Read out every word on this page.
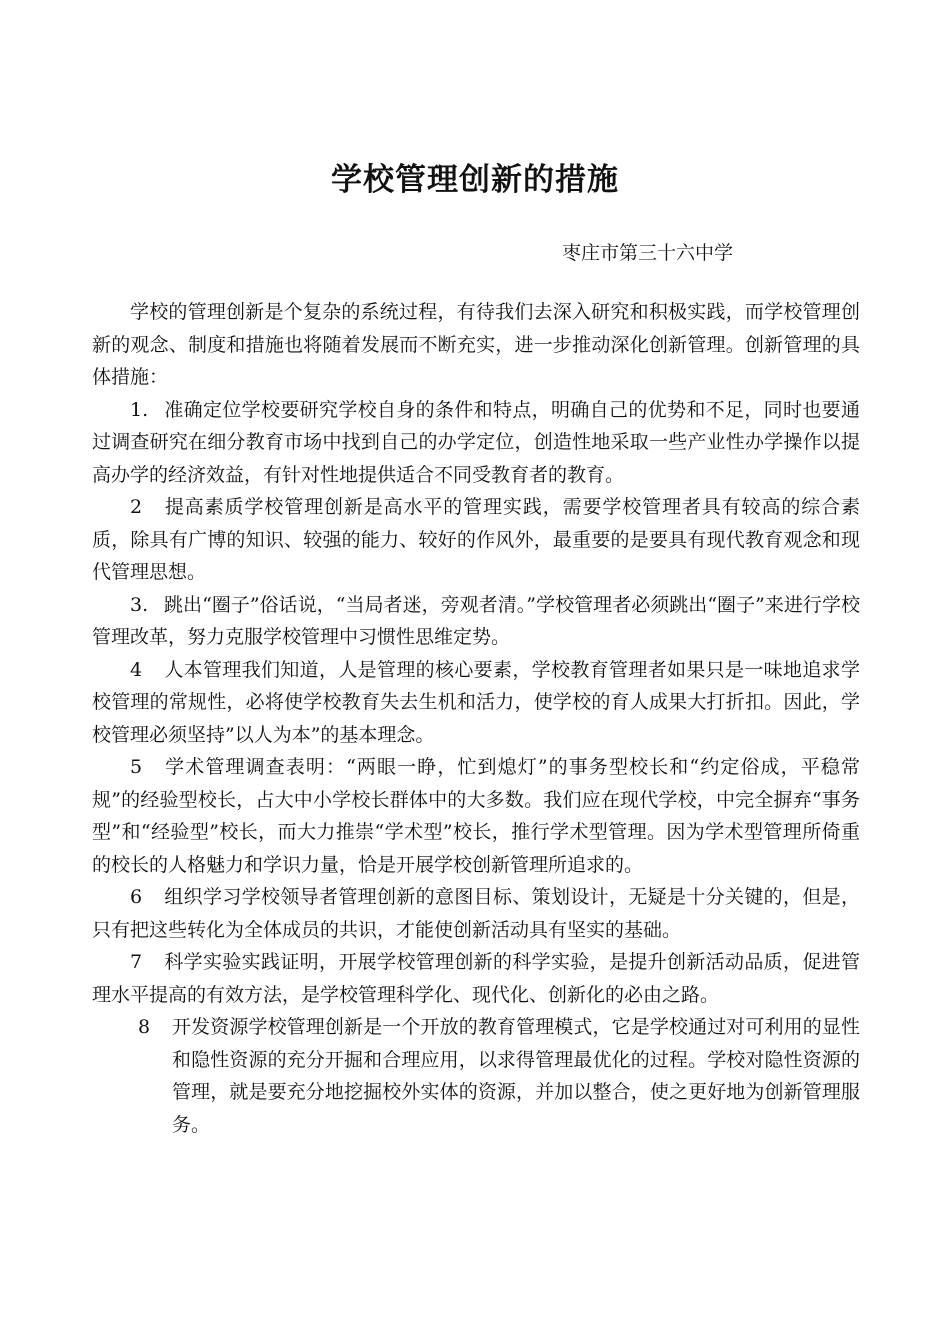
学校管理创新的措施
枣庄市第三十六中学

学校的管理创新是个复杂的系统过程，有待我们去深入研究和积极实践，而学校管理创新的观念、制度和措施也将随着发展而不断充实，进一步推动深化创新管理。创新管理的具体措施：

1. 准确定位学校要研究学校自身的条件和特点，明确自己的优势和不足，同时也要通过调查研究在细分教育市场中找到自己的办学定位，创造性地采取一些产业性办学操作以提高办学的经济效益，有针对性地提供适合不同受教育者的教育。

2 提高素质学校管理创新是高水平的管理实践，需要学校管理者具有较高的综合素质，除具有广博的知识、较强的能力、较好的作风外，最重要的是要具有现代教育观念和现代管理思想。

3. 跳出“圈子”俗话说，“当局者迷，旁观者清。”学校管理者必须跳出“圈子”来进行学校管理改革，努力克服学校管理中习惯性思维定势。

4 人本管理我们知道，人是管理的核心要素，学校教育管理者如果只是一味地追求学校管理的常规性，必将使学校教育失去生机和活力，使学校的育人成果大打折扣。因此，学校管理必须坚持”以人为本”的基本理念。

5 学术管理调查表明：“两眼一睁，忙到熄灯”的事务型校长和“约定俗成，平稳常规”的经验型校长，占大中小学校长群体中的大多数。我们应在现代学校，中完全摒弃“事务型”和“经验型”校长，而大力推崇“学术型”校长，推行学术型管理。因为学术型管理所倚重的校长的人格魅力和学识力量，恰是开展学校创新管理所追求的。

6 组织学习学校领导者管理创新的意图目标、策划设计，无疑是十分关键的，但是，只有把这些转化为全体成员的共识，才能使创新活动具有坚实的基础。

7 科学实验实践证明，开展学校管理创新的科学实验，是提升创新活动品质，促进管理水平提高的有效方法，是学校管理科学化、现代化、创新化的必由之路。

8	开发资源学校管理创新是一个开放的教育管理模式，它是学校通过对可利用的显性和隐性资源的充分开掘和合理应用，以求得管理最优化的过程。学校对隐性资源的管理，就是要充分地挖掘校外实体的资源，并加以整合，使之更好地为创新管理服务。
